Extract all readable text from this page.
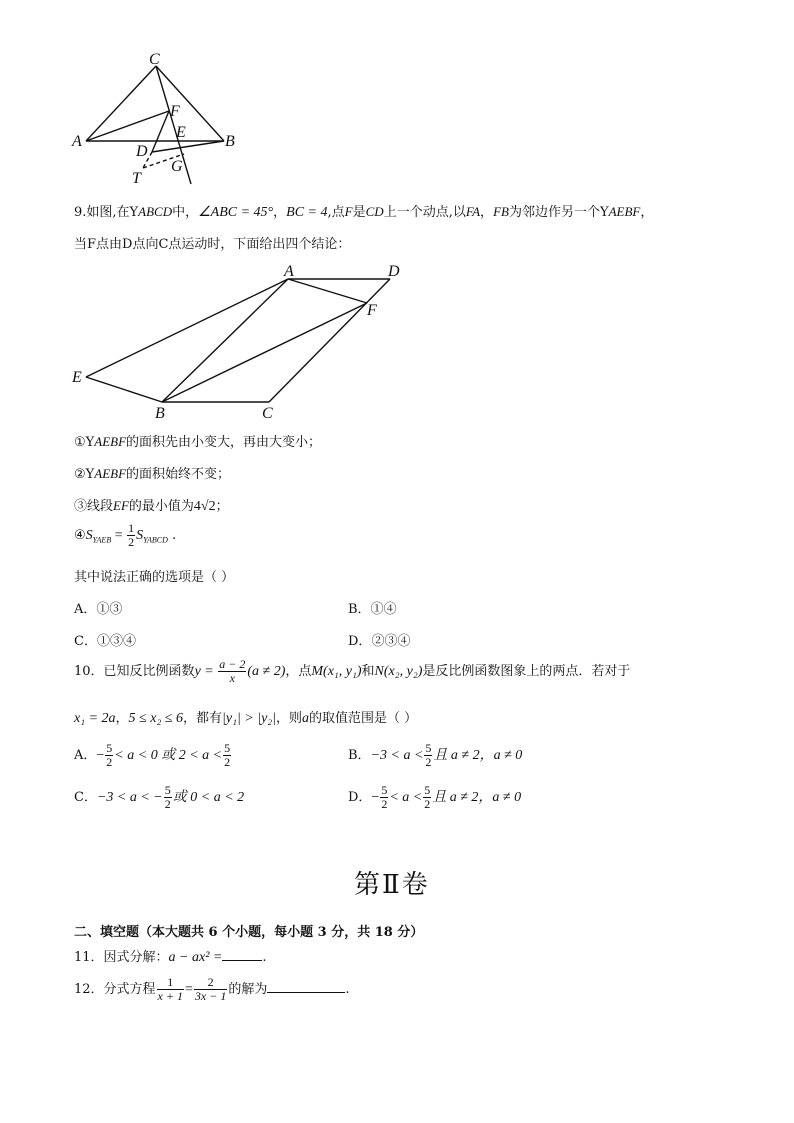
C
F
E
A	B
D
T
G
9.如图,在YABCD中，∠ABC = 45°，BC = 4,点F是CD上一个动点,以FA，FB为邻边作另一个YAEBF，
当F点由D点向C点运动时，下面给出四个结论：
A	D
F
E
B	C
①YAEBF的面积先由小变大，再由大变小；
②YAEBF的面积始终不变；
③线段EF的最小值为4√2；
$④S_{YAEB} = \frac{1}{2} S_{YABCD}$ .
其中说法正确的选项是（ ）
A．①③	B．①④
C．①③④	D．②③④
10．已知反比例函数$y = \frac{a - 2}{x} (a \ne 2)$，点M(x₁, y₁)和N(x₂, y₂)是反比例函数图象上的两点．若对于
x₁ = 2a，5 ≤ x₂ ≤ 6，都有|y₁| > |y₂|，则a的取值范围是（ ）
A．− $\frac{5}{2} < a < 0$ 或 $2 < a < \frac{5}{2}$	B．$-3 < a < \frac{5}{2}$ 且 a ≠ 2，a ≠ 0
C．−3 < a < − $\frac{5}{2}$ 或 0 < a < 2	D．− $\frac{5}{2} < a < \frac{5}{2}$ 且 a ≠ 2，a ≠ 0
第Ⅱ卷
二、填空题（本大题共 6 个小题，每小题 3 分，共 18 分）
11．因式分解：a − ax² =	.
12．分式方程 $\frac{1}{x + 1} = \frac{2}{3x - 1}$ 的解为	.
